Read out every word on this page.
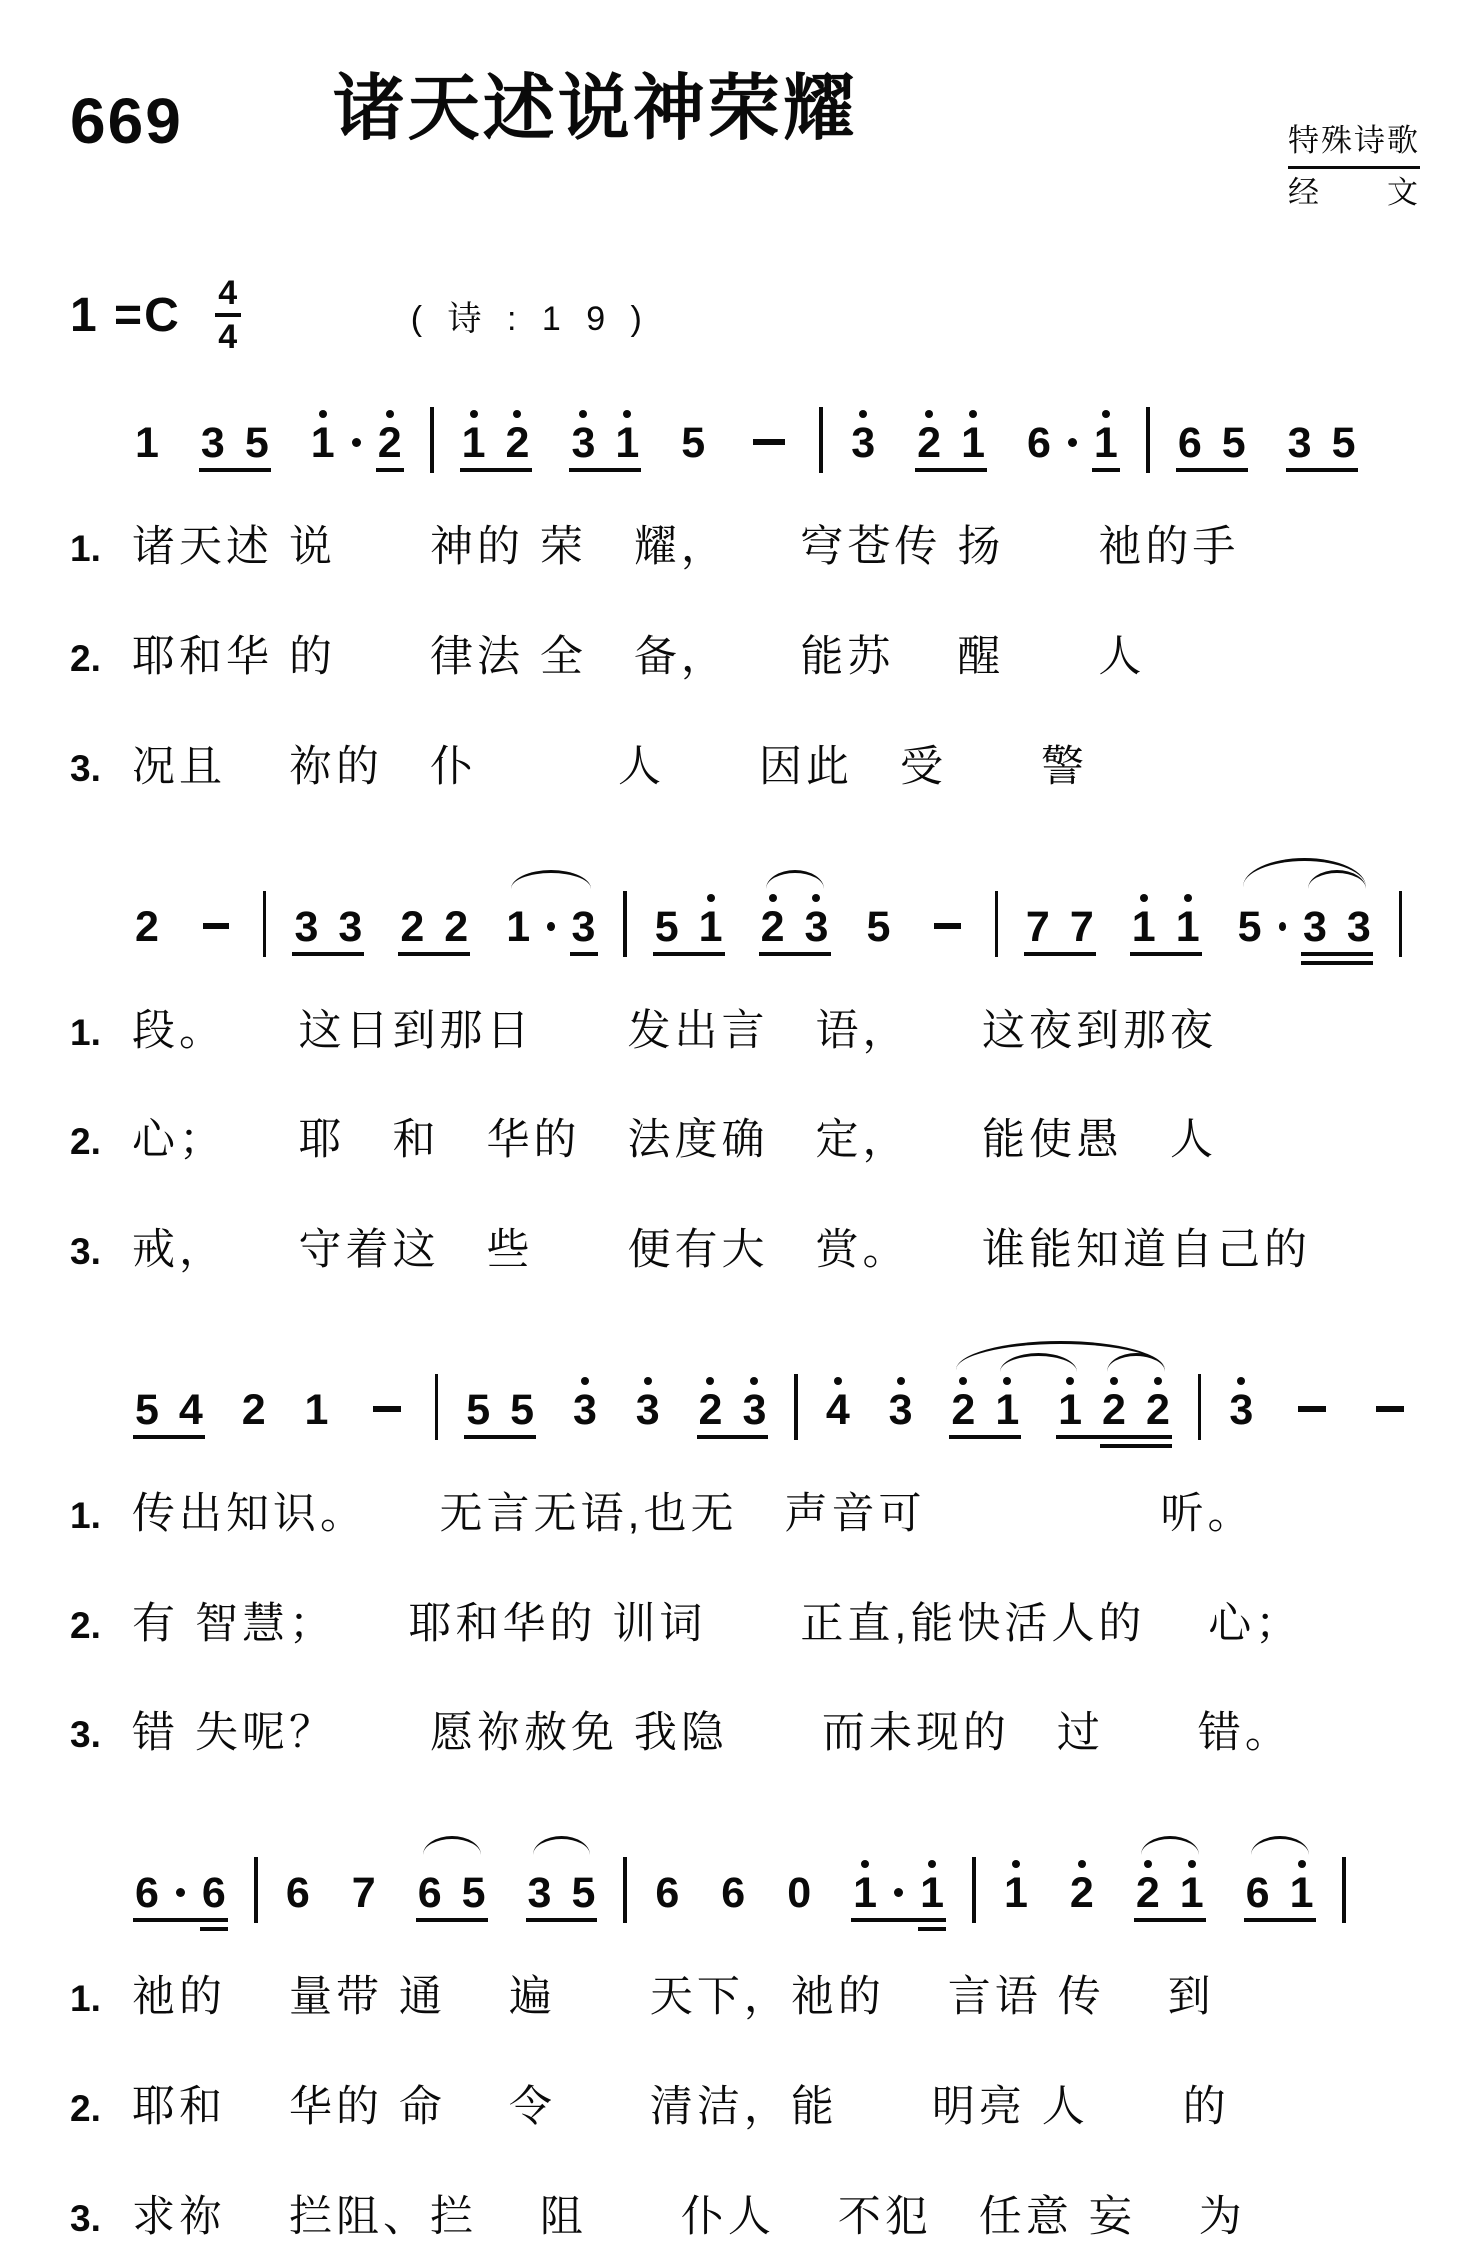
669 诸天述说神荣耀	特殊诗歌
经　　文
1 =C 4
4	( 诗 : 1 9 )
1 3 5 1 2 1 2 3 1 5	3 2 1 6 1 6 5 3 5
1. 诸天述 说　　神的 荣　耀，　　穹苍传 扬　　祂的手
2. 耶和华 的　　律法 全　备，　　能苏　 醒　　人
3. 况且　 祢的　仆　　　人　　因此　受　　警
2	3 3 2 2 1 3 5 1 2 3 5	7 7 1 1 5 3 3
1. 段。　　这日到那日　　发出言　语，　　这夜到那夜
2. 心；　　耶　和　华的　法度确　定，　　能使愚　人
3. 戒，　　守着这　些　　便有大　赏。　　谁能知道自己的
5 4 2 1	5 5 3 3 2 3 4 3 2 1 1 2 2 3
1. 传出知识。　　无言无语,也无　声音可　　　　　听。
2. 有 智慧；　　耶和华的 训词　　正直,能快活人的　 心；
3. 错 失呢？　　愿祢赦免 我隐　　而未现的　过　　错。
6 6 6 7 6 5 3 5 6 6 0 1 1 1 2 2 1 6 1
1. 祂的　 量带 通　 遍　　天下，祂的　 言语 传　 到
2. 耶和　 华的 命　 令　　清洁，能　　明亮 人　　的
3. 求祢　 拦阻、拦　 阻　　仆人　 不犯　任意 妄　 为
